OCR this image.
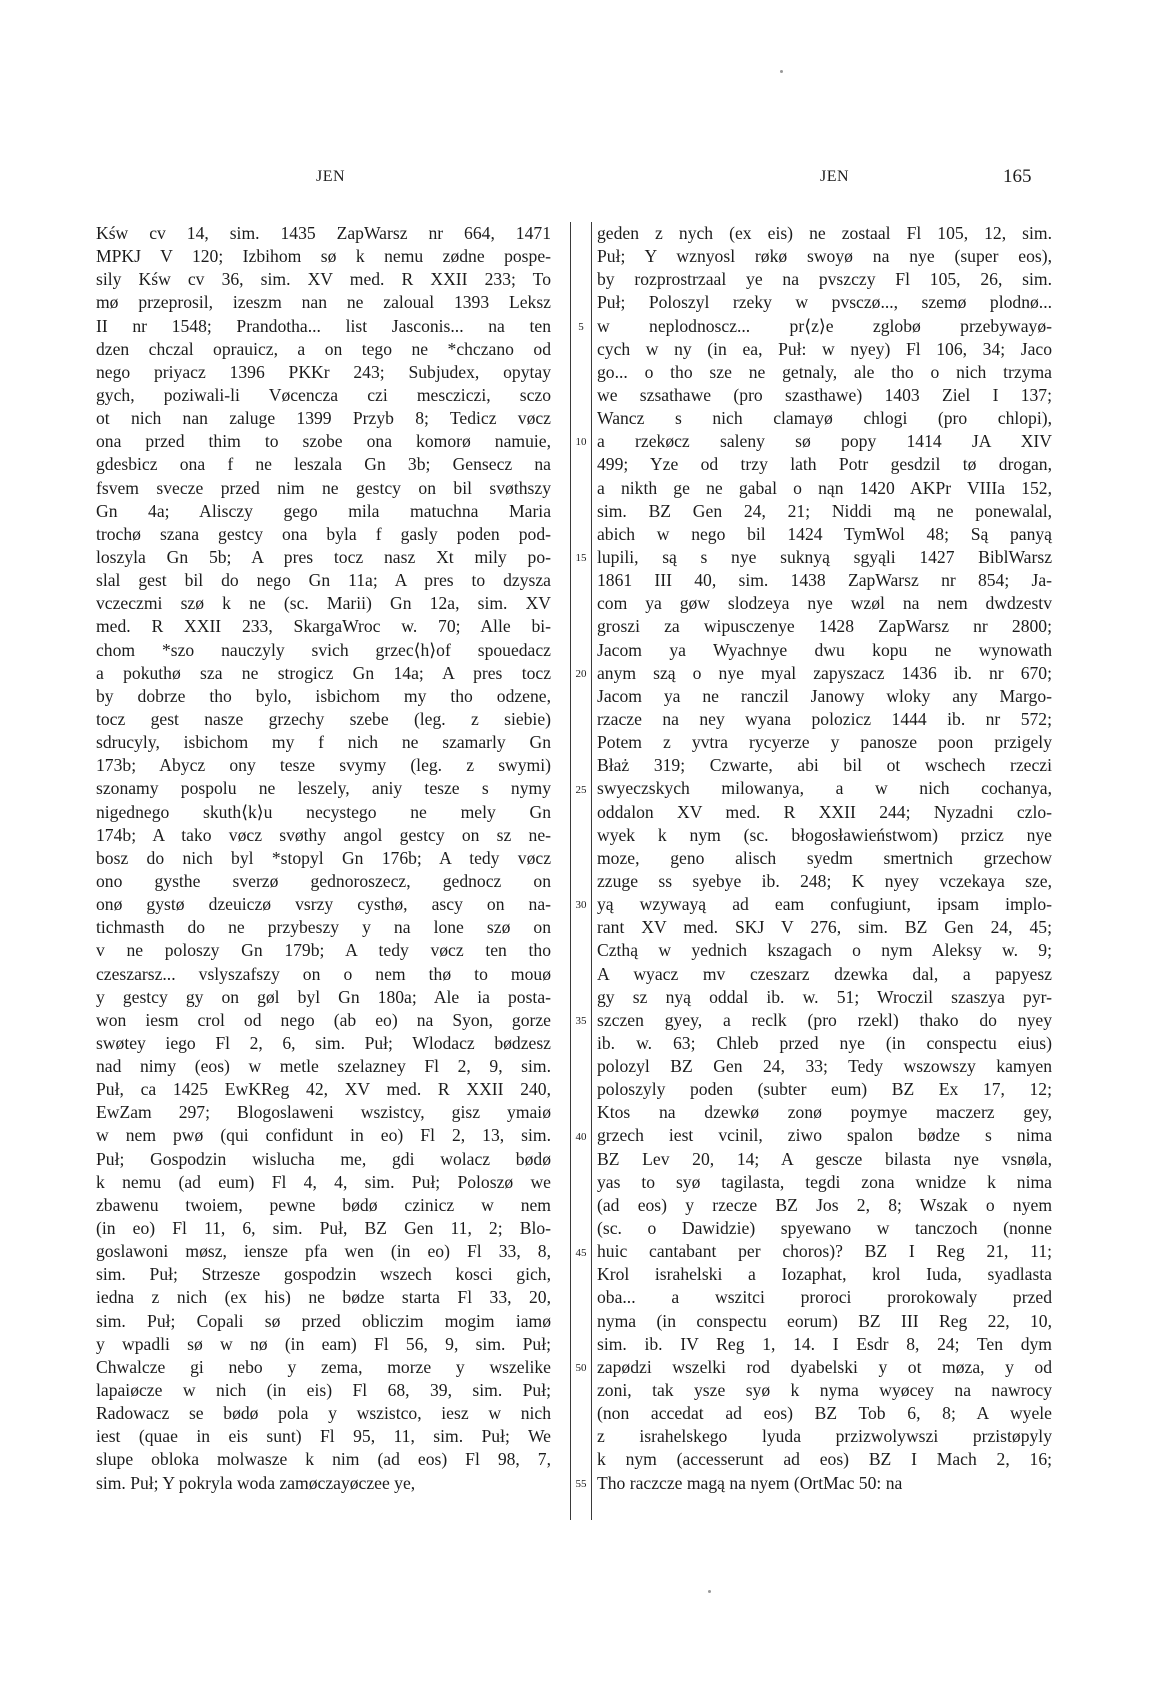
JEN	JEN	165
Kśw cv 14, sim. 1435 ZapWarsz nr 664, 1471
MPKJ V 120; Izbihom sø k nemu zødne pospe-
sily Kśw cv 36, sim. XV med. R XXII 233; To
mø przeprosil, izeszm nan ne zaloual 1393 Leksz
II nr 1548; Prandotha... list Jasconis... na ten
dzen chczal oprauicz, a on tego ne *chczano od
nego priyacz 1396 PKKr 243; Subjudex, opytay
gych, poziwali-li Vøcencza czi mescziczi, sczo
ot nich nan zaluge 1399 Przyb 8; Tedicz vøcz
ona przed thim to szobe ona komorø namuie,
gdesbicz ona f ne leszala Gn 3b; Gensecz na
fsvem svecze przed nim ne gestcy on bil svøthszy
Gn 4a; Alisczy gego mila matuchna Maria
trochø szana gestcy ona byla f gasly poden pod-
loszyla Gn 5b; A pres tocz nasz Xt mily po-
slal gest bil do nego Gn 11a; A pres to dzysza
vczeczmi szø k ne (sc. Marii) Gn 12a, sim. XV
med. R XXII 233, SkargaWroc w. 70; Alle bi-
chom *szo nauczyly svich grzec⟨h⟩of spouedacz
a pokuthø sza ne strogicz Gn 14a; A pres tocz
by dobrze tho bylo, isbichom my tho odzene,
tocz gest nasze grzechy szebe (leg. z siebie)
sdrucyly, isbichom my f nich ne szamarly Gn
173b; Abycz ony tesze svymy (leg. z swymi)
szonamy pospolu ne leszely, aniy tesze s nymy
nigednego skuth⟨k⟩u necystego ne mely Gn
174b; A tako vøcz svøthy angol gestcy on sz ne-
bosz do nich byl *stopyl Gn 176b; A tedy vøcz
ono gysthe sverzø gednoroszecz, gednocz on
onø gystø dzeuiczø vsrzy cysthø, ascy on na-
tichmasth do ne przybeszy y na lone szø on
v ne poloszy Gn 179b; A tedy vøcz ten tho
czeszarsz... vslyszafszy on o nem thø to mouø
y gestcy gy on gøl byl Gn 180a; Ale ia posta-
won iesm crol od nego (ab eo) na Syon, gorze
swøtey iego Fl 2, 6, sim. Puł; Wlodacz bødzesz
nad nimy (eos) w metle szelazney Fl 2, 9, sim.
Puł, ca 1425 EwKReg 42, XV med. R XXII 240,
EwZam 297; Blogoslaweni wszistcy, gisz ymaiø
w nem pwø (qui confidunt in eo) Fl 2, 13, sim.
Puł; Gospodzin wislucha me, gdi wolacz bødø
k nemu (ad eum) Fl 4, 4, sim. Puł; Poloszø we
zbawenu twoiem, pewne bødø czinicz w nem
(in eo) Fl 11, 6, sim. Puł, BZ Gen 11, 2; Blo-
goslawoni møsz, iensze pfa wen (in eo) Fl 33, 8,
sim. Puł; Strzesze gospodzin wszech kosci gich,
iedna z nich (ex his) ne bødze starta Fl 33, 20,
sim. Puł; Copali sø przed obliczim mogim iamø
y wpadli sø w nø (in eam) Fl 56, 9, sim. Puł;
Chwalcze gi nebo y zema, morze y wszelike
lapaiøcze w nich (in eis) Fl 68, 39, sim. Puł;
Radowacz se bødø pola y wszistco, iesz w nich
iest (quae in eis sunt) Fl 95, 11, sim. Puł; We
slupe obloka molwasze k nim (ad eos) Fl 98, 7,
sim. Puł; Y pokryla woda zamøczayøczee ye,
5
10
15
20
25
30
35
40
45
50
55
geden z nych (ex eis) ne zostaal Fl 105, 12, sim.
Puł; Y wznyosl røkø swoyø na nye (super eos),
by rozprostrzaal ye na pvszczy Fl 105, 26, sim.
Puł; Poloszyl rzeky w pvsczø..., szemø plodnø...
w neplodnoscz... pr⟨z⟩e zglobø przebywayø-
cych w ny (in ea, Puł: w nyey) Fl 106, 34; Jaco
go... o tho sze ne getnaly, ale tho o nich trzyma
we szsathawe (pro szasthawe) 1403 Ziel I 137;
Wancz s nich clamayø chlogi (pro chlopi),
a rzekøcz saleny sø popy 1414 JA XIV
499; Yze od trzy lath Potr gesdzil tø drogan,
a nikth ge ne gabal o nąn 1420 AKPr VIIIa 152,
sim. BZ Gen 24, 21; Niddi mą ne ponewalal,
abich w nego bil 1424 TymWol 48; Są panyą
lupili, są s nye suknyą sgyąli 1427 BiblWarsz
1861 III 40, sim. 1438 ZapWarsz nr 854; Ja-
com ya gøw slodzeya nye wzøl na nem dwdzestv
groszi za wipusczenye 1428 ZapWarsz nr 2800;
Jacom ya Wyachnye dwu kopu ne wynowath
anym szą o nye myal zapyszacz 1436 ib. nr 670;
Jacom ya ne ranczil Janowy wloky any Margo-
rzacze na ney wyana polozicz 1444 ib. nr 572;
Potem z yvtra rycyerze y panosze poon przigely
Błaż 319; Czwarte, abi bil ot wschech rzeczi
swyeczskych milowanya, a w nich cochanya,
oddalon XV med. R XXII 244; Nyzadni czlo-
wyek k nym (sc. błogosławieństwom) przicz nye
moze, geno alisch syedm smertnich grzechow
zzuge ss syebye ib. 248; K nyey vczekaya sze,
yą wzywayą ad eam confugiunt, ipsam implo-
rant XV med. SKJ V 276, sim. BZ Gen 24, 45;
Czthą w yednich kszagach o nym Aleksy w. 9;
A wyacz mv czeszarz dzewka dal, a papyesz
gy sz nyą oddal ib. w. 51; Wroczil szaszya pyr-
szczen gyey, a reclk (pro rzekl) thako do nyey
ib. w. 63; Chleb przed nye (in conspectu eius)
polozyl BZ Gen 24, 33; Tedy wszowszy kamyen
poloszyly poden (subter eum) BZ Ex 17, 12;
Ktos na dzewkø zonø poymye maczerz gey,
grzech iest vcinil, ziwo spalon bødze s nima
BZ Lev 20, 14; A gescze bilasta nye vsnøla,
yas to syø tagilasta, tegdi zona wnidze k nima
(ad eos) y rzecze BZ Jos 2, 8; Wszak o nyem
(sc. o Dawidzie) spyewano w tanczoch (nonne
huic cantabant per choros)? BZ I Reg 21, 11;
Krol israhelski a Iozaphat, krol Iuda, syadlasta
oba... a wszitci proroci prorokowaly przed
nyma (in conspectu eorum) BZ III Reg 22, 10,
sim. ib. IV Reg 1, 14. I Esdr 8, 24; Ten dym
zapødzi wszelki rod dyabelski y ot møza, y od
zoni, tak ysze syø k nyma wyøcey na nawrocy
(non accedat ad eos) BZ Tob 6, 8; A wyele
z israhelskego lyuda przizwolywszi przistøpyly
k nym (accesserunt ad eos) BZ I Mach 2, 16;
Tho raczcze magą na nyem (OrtMac 50: na
